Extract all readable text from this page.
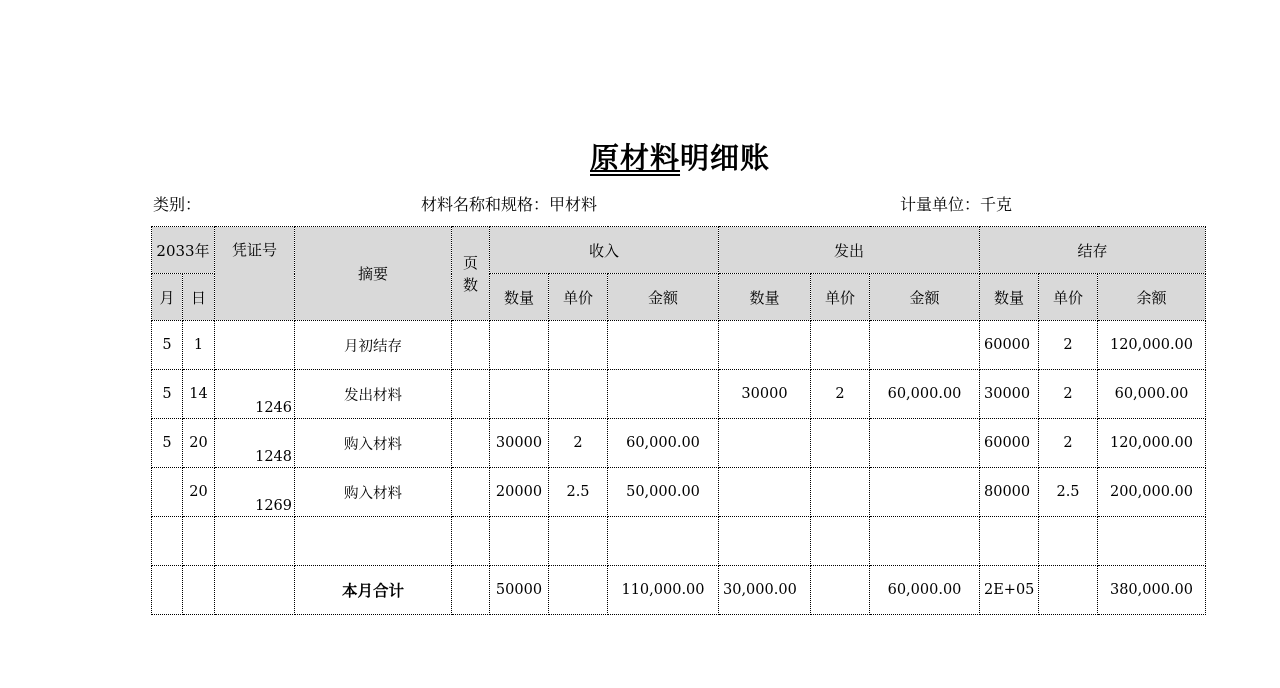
原材料明细账
类别：	材料名称和规格：甲材料	计量单位：千克
2033年		凭证号	摘要	页数	收入			发出			结存		
月	日				数量	单价	金额	数量	单价	金额	数量	单价	余额
5	1		月初结存								60000	2	120,000.00
5	14	1246	发出材料					30000	2	60,000.00	30000	2	60,000.00
5	20	1248	购入材料		30000	2	60,000.00				60000	2	120,000.00
	20	1269	购入材料		20000	2.5	50,000.00				80000	2.5	200,000.00

			本月合计		50000		110,000.00	30,000.00		60,000.00	2E+05		380,000.00
